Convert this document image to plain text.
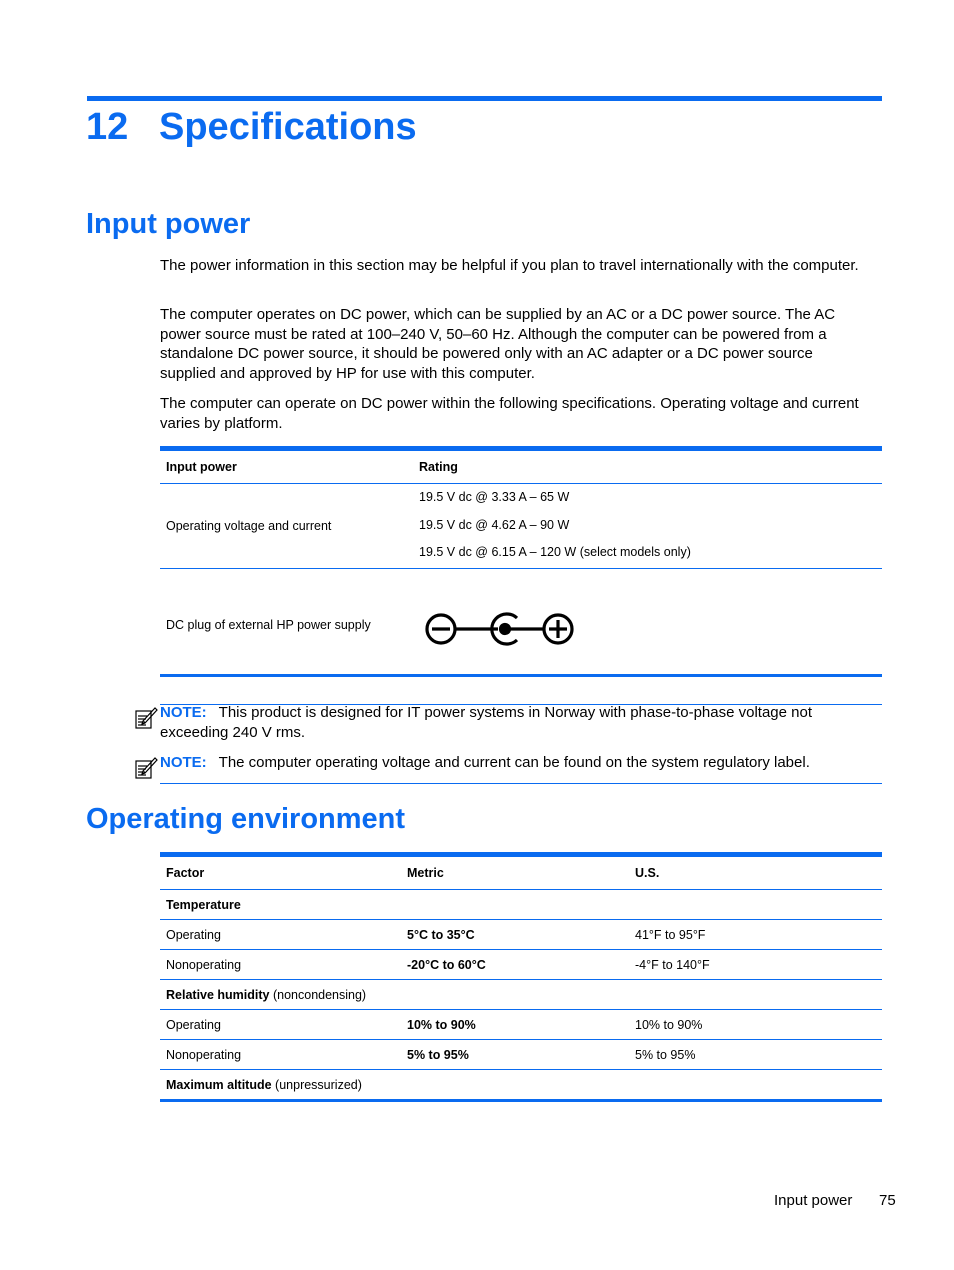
12 Specifications
Input power

The power information in this section may be helpful if you plan to travel internationally with the computer.

The computer operates on DC power, which can be supplied by an AC or a DC power source. The AC power source must be rated at 100–240 V, 50–60 Hz. Although the computer can be powered from a standalone DC power source, it should be powered only with an AC adapter or a DC power source supplied and approved by HP for use with this computer.

The computer can operate on DC power within the following specifications. Operating voltage and current varies by platform.

Input power	Rating
Operating voltage and current	19.5 V dc @ 3.33 A – 65 W
19.5 V dc @ 4.62 A – 90 W
19.5 V dc @ 6.15 A – 120 W (select models only)

DC plug of external HP power supply	

NOTE: This product is designed for IT power systems in Norway with phase-to-phase voltage not exceeding 240 V rms.

NOTE: The computer operating voltage and current can be found on the system regulatory label.

Operating environment
Factor	Metric	U.S.
Temperature		
Operating	5°C to 35°C	41°F to 95°F
Nonoperating	-20°C to 60°C	-4°F to 140°F
Relative humidity (noncondensing)		
Operating	10% to 90%	10% to 90%
Nonoperating	5% to 95%	5% to 95%
Maximum altitude (unpressurized)		
Input power 75
